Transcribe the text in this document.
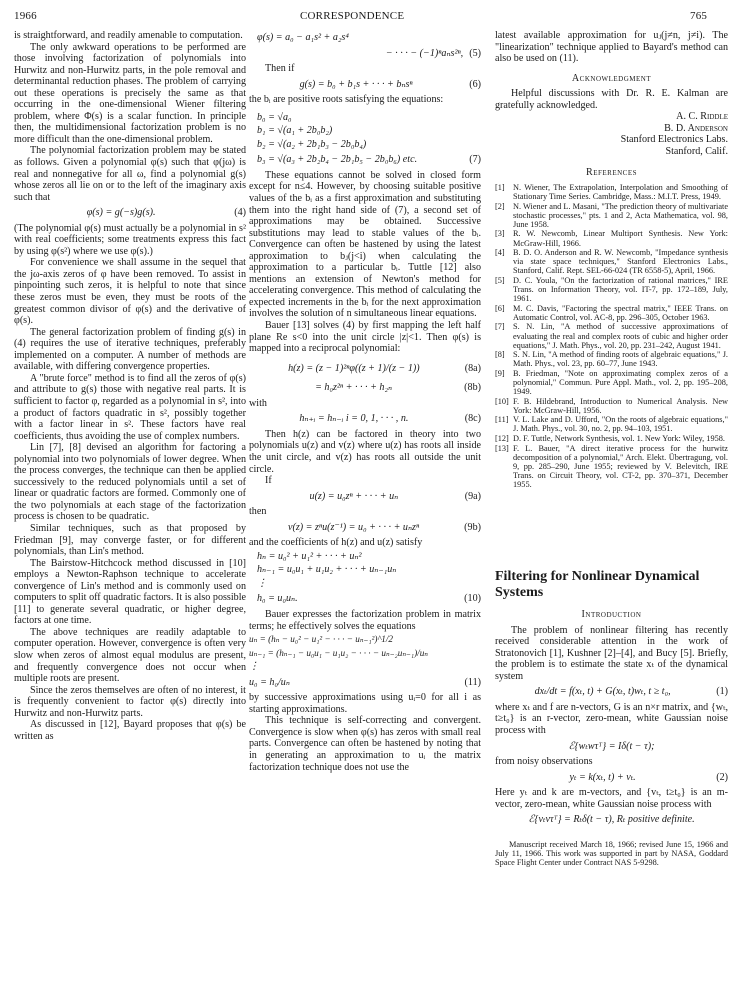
1966	CORRESPONDENCE	765

is straightforward, and readily amenable to computation.

The only awkward operations to be performed are those involving factorization of polynomials into Hurwitz and non-Hurwitz parts, in the pole removal and determinantal reduction phases. The problem of carrying out these operations is precisely the same as that occurring in the one-dimensional Wiener filtering problem, where Φ(s) is a scalar function. In principle then, the multidimensional factorization problem is no more difficult than the one-dimensional problem.

The polynomial factorization problem may be stated as follows. Given a polynomial φ(s) such that φ(jω) is real and nonnegative for all ω, find a polynomial g(s) whose zeros all lie on or to the left of the imaginary axis such that

φ(s) = g(−s)g(s).	(4)

(The polynomial φ(s) must actually be a polynomial in s² with real coefficients; some treatments express this fact by using φ(s²) where we use φ(s).)

For convenience we shall assume in the sequel that the jω-axis zeros of φ have been removed. To assist in pinpointing such zeros, it is helpful to note that since these zeros must be even, they must be roots of the greatest common divisor of φ(s) and the derivative of φ(s).

The general factorization problem of finding g(s) in (4) requires the use of iterative techniques, preferably implemented on a computer. A number of methods are available, with differing convergence properties.

A "brute force" method is to find all the zeros of φ(s) and attribute to g(s) those with negative real parts. It is sufficient to factor φ, regarded as a polynomial in s², into a product of factors quadratic in s², possibly together with a factor linear in s². These factors have real coefficients, thus avoiding the use of complex numbers.

Lin [7], [8] devised an algorithm for factoring a polynomial into two polynomials of lower degree. When the process converges, the technique can then be applied successively to the reduced polynomials until a set of linear or quadratic factors are formed. Commonly one of the two polynomials at each stage of the factorization process is chosen to be quadratic.

Similar techniques, such as that proposed by Friedman [9], may converge faster, or for different polynomials, than Lin's method.

The Bairstow-Hitchcock method discussed in [10] employs a Newton-Raphson technique to accelerate convergence of Lin's method and is commonly used on computers to split off quadratic factors. It is also possible [11] to generate several quadratic, or higher degree, factors at one time.

The above techniques are readily adaptable to computer operation. However, convergence is often very slow when zeros of almost equal modulus are present, and frequently convergence does not occur when multiple roots are present.

Since the zeros themselves are often of no interest, it is frequently convenient to factor φ(s) directly into Hurwitz and non-Hurwitz parts.

As discussed in [12], Bayard proposes that φ(s) be written as

φ(s) = a₀ − a₁s² + a₂s⁴
− · · · − (−1)ⁿaₙs²ⁿ, (5)

Then if

g(s) = b₀ + b₁s + · · · + bₙsⁿ	(6)

the bᵢ are positive roots satisfying the equations:

b₀ = √a₀
b₁ = √(a₁ + 2b₀b₂)
b₂ = √(a₂ + 2b₁b₃ − 2b₀b₄)
b₃ = √(a₃ + 2b₂b₄ − 2b₁b₅ − 2b₀b₆) etc.	(7)

These equations cannot be solved in closed form except for n≤4. However, by choosing suitable positive values of the bᵢ as a first approximation and substituting them into the right hand side of (7), a second set of approximations may be obtained. Successive substitutions may lead to stable values of the bᵢ. Convergence can often be hastened by using the latest approximation to bⱼ(j<i) when calculating the approximation to a particular bᵢ. Tuttle [12] also mentions an extension of Newton's method for accelerating convergence. This method of calculating the expected increments in the bᵢ for the next approximation involves the solution of n simultaneous linear equations.

Bauer [13] solves (4) by first mapping the left half plane Re s<0 into the unit circle |z|<1. Then φ(s) is mapped into a reciprocal polynomial:

h(z) = (z − 1)²ⁿφ((z + 1)/(z − 1))	(8a)
= h₀z²ⁿ + · · · + h₂ₙ	(8b)

with

hₙ₊ᵢ = hₙ₋ᵢ i = 0, 1, · · · , n.	(8c)

Then h(z) can be factored in theory into two polynomials u(z) and v(z) where u(z) has roots all inside the unit circle, and v(z) has roots all outside the unit circle.

If

u(z) = u₀zⁿ + · · · + uₙ	(9a)

then

v(z) = zⁿu(z⁻¹) = u₀ + · · · + uₙzⁿ	(9b)

and the coefficients of h(z) and u(z) satisfy

hₙ = u₀² + u₁² + · · · + uₙ²
hₙ₋₁ = u₀u₁ + u₁u₂ + · · · + uₙ₋₁uₙ
⋮
h₀ = u₀uₙ.	(10)

Bauer expresses the factorization problem in matrix terms; he effectively solves the equations

uₙ = (hₙ − u₀² − u₁² − · · · − uₙ₋₁²)^1/2
uₙ₋₁ = (hₙ₋₁ − u₀u₁ − u₁u₂ − · · · − uₙ₋₂uₙ₋₁)/uₙ
⋮
u₀ = h₀/uₙ	(11)

by successive approximations using uᵢ=0 for all i as starting approximations.

This technique is self-correcting and convergent. Convergence is slow when φ(s) has zeros with small real parts. Convergence can often be hastened by noting that in generating an approximation to uᵢ the matrix factorization technique does not use the

latest available approximation for uⱼ(j≠n, j≠i). The "linearization" technique applied to Bayard's method can also be used on (11).

Acknowledgment

Helpful discussions with Dr. R. E. Kalman are gratefully acknowledged.

A. C. Riddle
B. D. Anderson
Stanford Electronics Labs.
Stanford, Calif.
References
[1]	N. Wiener, The Extrapolation, Interpolation and Smoothing of Stationary Time Series. Cambridge, Mass.: M.I.T. Press, 1949.
[2]	N. Wiener and L. Masani, "The prediction theory of multivariate stochastic processes," pts. 1 and 2, Acta Mathematica, vol. 98, June 1958.
[3]	R. W. Newcomb, Linear Multiport Synthesis. New York: McGraw-Hill, 1966.
[4]	B. D. O. Anderson and R. W. Newcomb, "Impedance synthesis via state space techniques," Stanford Electronics Labs., Stanford, Calif. Rept. SEL-66-024 (TR 6558-5), April, 1966.
[5]	D. C. Youla, "On the factorization of rational matrices," IRE Trans. on Information Theory, vol. IT-7, pp. 172–189, July, 1961.
[6]	M. C. Davis, "Factoring the spectral matrix," IEEE Trans. on Automatic Control, vol. AC-8, pp. 296–305, October 1963.
[7]	S. N. Lin, "A method of successive approximations of evaluating the real and complex roots of cubic and higher order equations," J. Math. Phys., vol. 20, pp. 231–242, August 1941.
[8]	S. N. Lin, "A method of finding roots of algebraic equations," J. Math. Phys., vol. 23, pp. 60–77, June 1943.
[9]	B. Friedman, "Note on approximating complex zeros of a polynomial," Commun. Pure Appl. Math., vol. 2, pp. 195–208, 1949.
[10] F. B. Hildebrand, Introduction to Numerical Analysis. New York: McGraw-Hill, 1956.
[11] V. L. Lake and D. Ufford, "On the roots of algebraic equations," J. Math. Phys., vol. 30, no. 2, pp. 94–103, 1951.
[12] D. F. Tuttle, Network Synthesis, vol. 1. New York: Wiley, 1958.
[13] F. L. Bauer, "A direct iterative process for the hurwitz decomposition of a polynomial," Arch. Elekt. Übertragung, vol. 9, pp. 285–290, June 1955; reviewed by V. Belevitch, IRE Trans. on Circuit Theory, vol. CT-2, pp. 370–371, December 1955.
Filtering for Nonlinear Dynamical Systems
Introduction

The problem of nonlinear filtering has recently received considerable attention in the work of Stratonovich [1], Kushner [2]–[4], and Bucy [5]. Briefly, the problem is to estimate the state xₜ of the dynamical system

dxₜ/dt = f(xₜ, t) + G(xₜ, t)wₜ, t ≥ t₀,	(1)

where xₜ and f are n-vectors, G is an n×r matrix, and {wₜ, t≥t₀} is an r-vector, zero-mean, white Gaussian noise process with

ℰ{wₜwτᵀ} = Iδ(t − τ);

from noisy observations

yₜ = k(xₜ, t) + vₜ.	(2)

Here yₜ and k are m-vectors, and {vₜ, t≥t₀} is an m-vector, zero-mean, white Gaussian noise process with

ℰ{vₜvτᵀ} = Rₜδ(t − τ), Rₜ positive definite.

Manuscript received March 18, 1966; revised June 15, 1966 and July 11, 1966. This work was supported in part by NASA, Goddard Space Flight Center under Contract NAS 5-9298.
